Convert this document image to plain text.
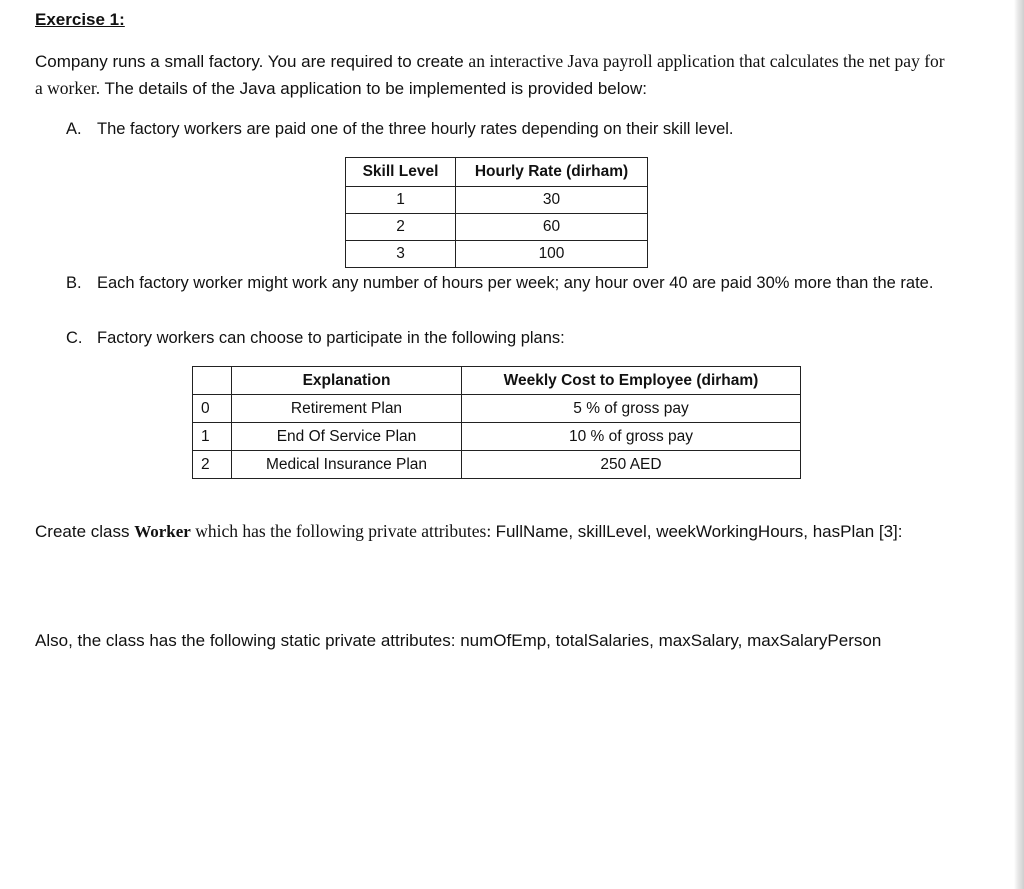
Exercise 1:
Company runs a small factory. You are required to create an interactive Java payroll application that calculates the net pay for a worker. The details of the Java application to be implemented is provided below:
A. The factory workers are paid one of the three hourly rates depending on their skill level.
Skill Level	Hourly Rate (dirham)
1	30
2	60
3	100
B. Each factory worker might work any number of hours per week; any hour over 40 are paid 30% more than the rate.
C. Factory workers can choose to participate in the following plans:
	Explanation	Weekly Cost to Employee (dirham)
0	Retirement Plan	5 % of gross pay
1	End Of Service Plan	10 % of gross pay
2	Medical Insurance Plan	250 AED
Create class Worker which has the following private attributes: FullName, skillLevel, weekWorkingHours, hasPlan [3]:
Also, the class has the following static private attributes: numOfEmp, totalSalaries, maxSalary, maxSalaryPerson
